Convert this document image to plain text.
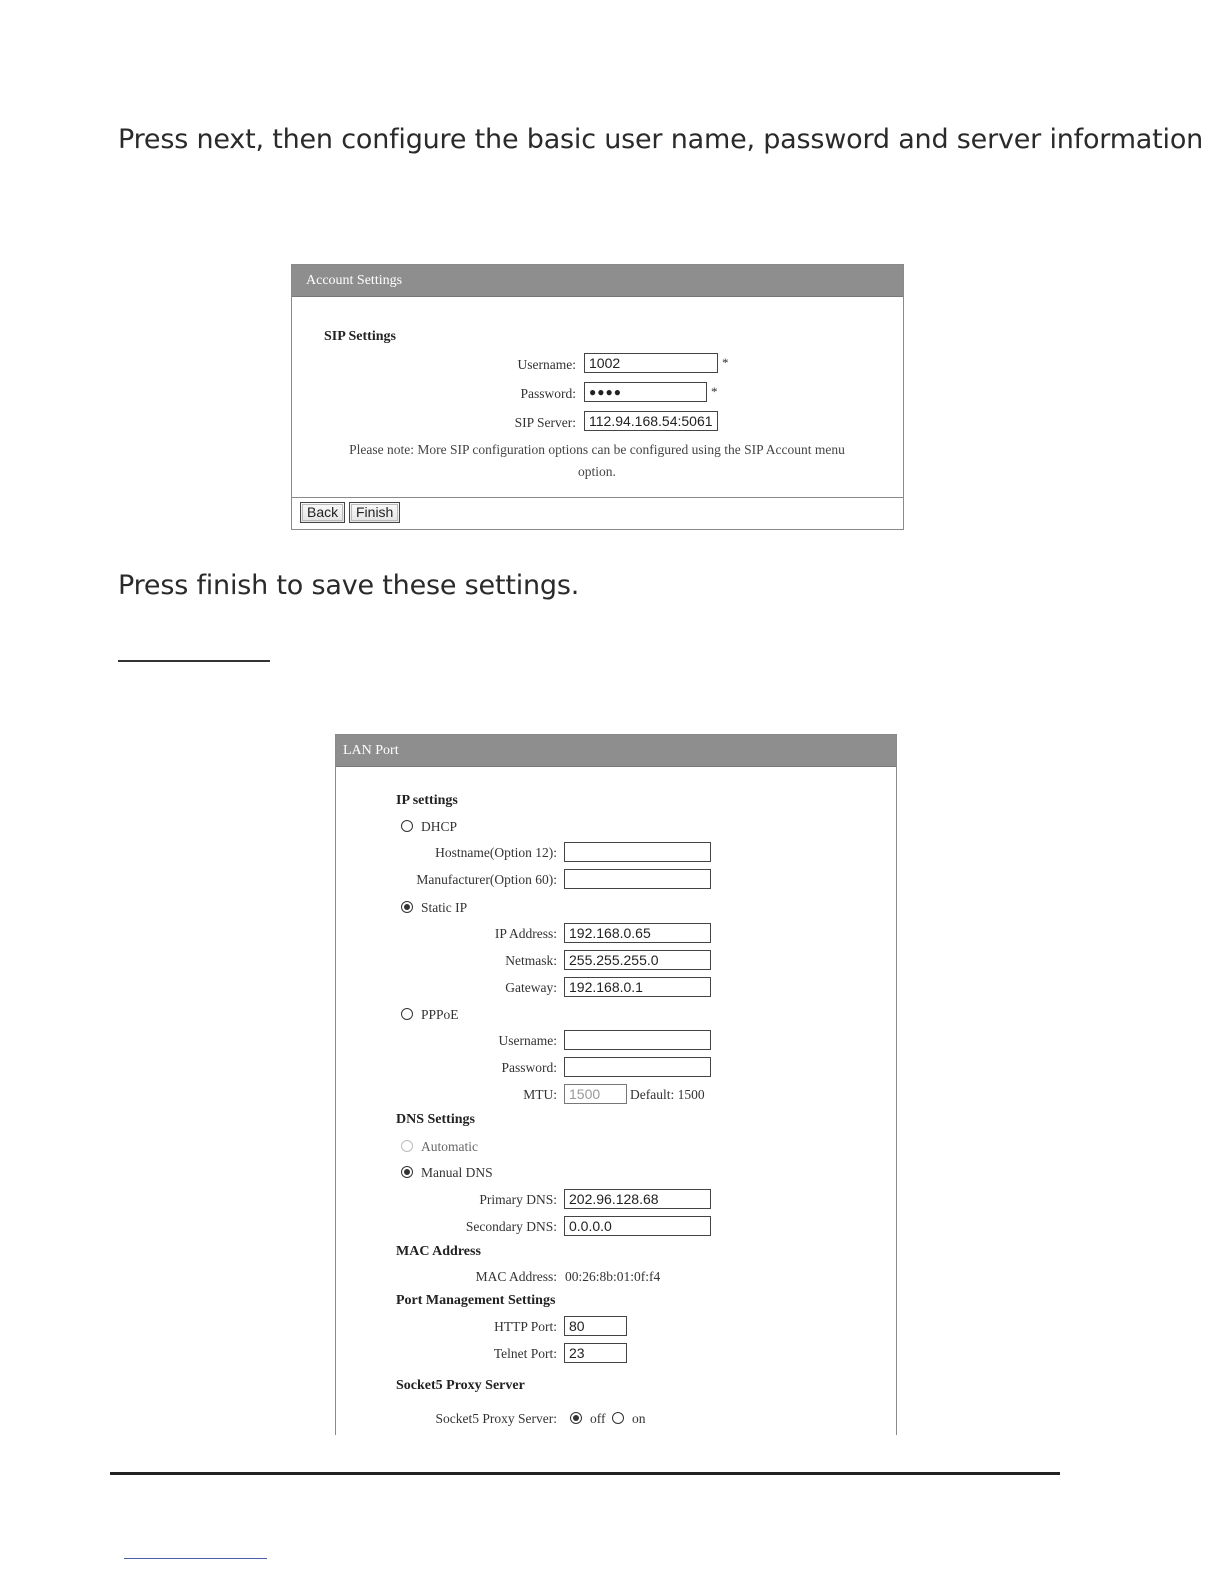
Press next, then configure the basic user name, password and server information

Account Settings
SIP Settings
Username: 1002	*
Password:	●●●●	*
SIP Server: 112.94.168.54:5061
Please note: More SIP configuration options can be configured using the SIP Account menu option.
Back	Finish

Press finish to save these settings.

LAN Port
IP settings
DHCP
Hostname(Option 12):
Manufacturer(Option 60):
Static IP
IP Address: 192.168.0.65
Netmask: 255.255.255.0
Gateway: 192.168.0.1
PPPoE
Username:
Password:
MTU: 1500	Default: 1500
DNS Settings
Automatic
Manual DNS
Primary DNS: 202.96.128.68
Secondary DNS: 0.0.0.0
MAC Address
MAC Address: 00:26:8b:01:0f:f4
Port Management Settings
HTTP Port: 80
Telnet Port: 23
Socket5 Proxy Server
Socket5 Proxy Server: off on
